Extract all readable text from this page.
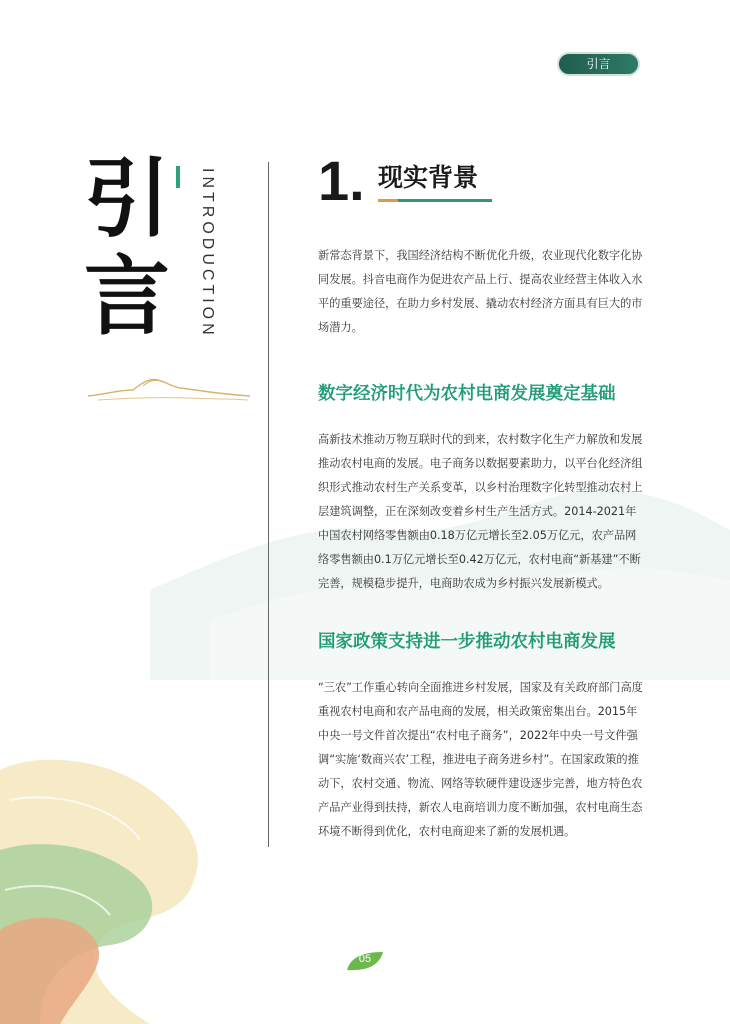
引言
引
言 INTRODUCTION 1. 现实背景

新常态背景下，我国经济结构不断优化升级，农业现代化数字化协同发展。抖音电商作为促进农产品上行、提高农业经营主体收入水平的重要途径，在助力乡村发展、撬动农村经济方面具有巨大的市场潜力。

数字经济时代为农村电商发展奠定基础

高新技术推动万物互联时代的到来，农村数字化生产力解放和发展推动农村电商的发展。电子商务以数据要素助力，以平台化经济组织形式推动农村生产关系变革，以乡村治理数字化转型推动农村上层建筑调整，正在深刻改变着乡村生产生活方式。2014-2021年中国农村网络零售额由0.18万亿元增长至2.05万亿元，农产品网络零售额由0.1万亿元增长至0.42万亿元，农村电商“新基建”不断完善，规模稳步提升，电商助农成为乡村振兴发展新模式。

国家政策支持进一步推动农村电商发展

“三农”工作重心转向全面推进乡村发展，国家及有关政府部门高度重视农村电商和农产品电商的发展，相关政策密集出台。2015年中央一号文件首次提出“农村电子商务”，2022年中央一号文件强调“实施‘数商兴农’工程，推进电子商务进乡村”。在国家政策的推动下，农村交通、物流、网络等软硬件建设逐步完善，地方特色农产品产业得到扶持，新农人电商培训力度不断加强，农村电商生态环境不断得到优化，农村电商迎来了新的发展机遇。

05
